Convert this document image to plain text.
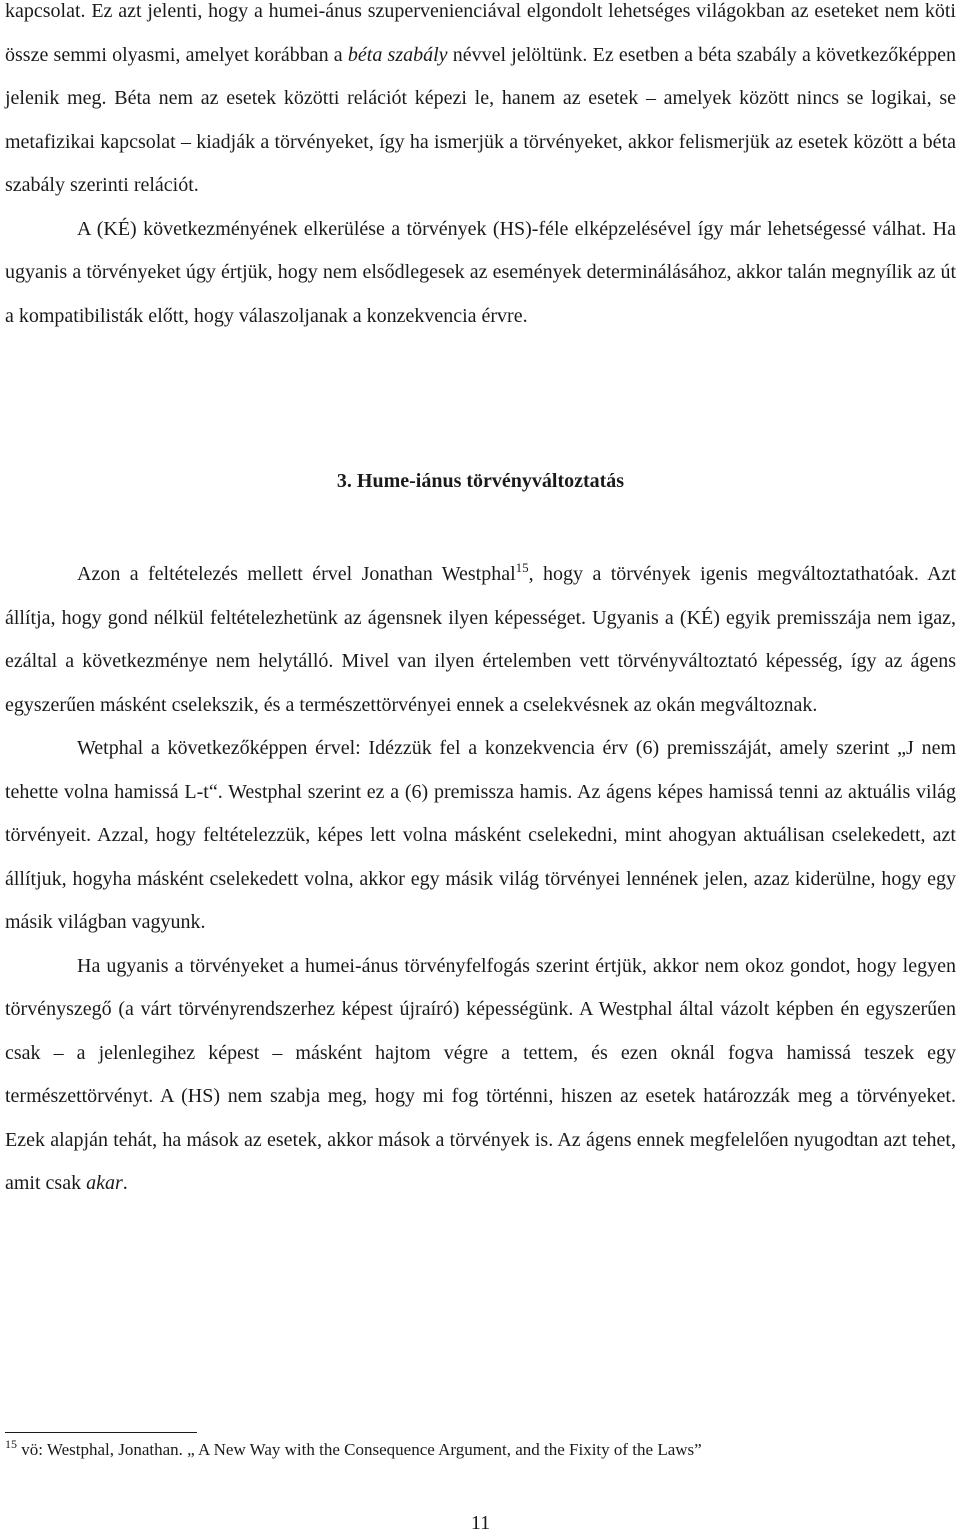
kapcsolat. Ez azt jelenti, hogy a humei-ánus szupervenienciával elgondolt lehetséges világokban az eseteket nem köti össze semmi olyasmi, amelyet korábban a béta szabály névvel jelöltünk. Ez esetben a béta szabály a következőképpen jelenik meg. Béta nem az esetek közötti relációt képezi le, hanem az esetek – amelyek között nincs se logikai, se metafizikai kapcsolat – kiadják a törvényeket, így ha ismerjük a törvényeket, akkor felismerjük az esetek között a béta szabály szerinti relációt.

A (KÉ) következményének elkerülése a törvények (HS)-féle elképzelésével így már lehetségessé válhat. Ha ugyanis a törvényeket úgy értjük, hogy nem elsődlegesek az események determinálásához, akkor talán megnyílik az út a kompatibilisták előtt, hogy válaszoljanak a konzekvencia érvre.

3. Hume-iánus törvényváltoztatás

Azon a feltételezés mellett érvel Jonathan Westphal$^{15}$, hogy a törvények igenis megváltoztathatóak. Azt állítja, hogy gond nélkül feltételezhetünk az ágensnek ilyen képességet. Ugyanis a (KÉ) egyik premisszája nem igaz, ezáltal a következménye nem helytálló. Mivel van ilyen értelemben vett törvényváltoztató képesség, így az ágens egyszerűen másként cselekszik, és a természettörvényei ennek a cselekvésnek az okán megváltoznak.

Wetphal a következőképpen érvel: Idézzük fel a konzekvencia érv (6) premisszáját, amely szerint „J nem tehette volna hamissá L-t“. Westphal szerint ez a (6) premissza hamis. Az ágens képes hamissá tenni az aktuális világ törvényeit. Azzal, hogy feltételezzük, képes lett volna másként cselekedni, mint ahogyan aktuálisan cselekedett, azt állítjuk, hogyha másként cselekedett volna, akkor egy másik világ törvényei lennének jelen, azaz kiderülne, hogy egy másik világban vagyunk.

Ha ugyanis a törvényeket a humei-ánus törvényfelfogás szerint értjük, akkor nem okoz gondot, hogy legyen törvényszegő (a várt törvényrendszerhez képest újraíró) képességünk. A Westphal által vázolt képben én egyszerűen csak – a jelenlegihez képest – másként hajtom végre a tettem, és ezen oknál fogva hamissá teszek egy természettörvényt. A (HS) nem szabja meg, hogy mi fog történni, hiszen az esetek határozzák meg a törvényeket. Ezek alapján tehát, ha mások az esetek, akkor mások a törvények is. Az ágens ennek megfelelően nyugodtan azt tehet, amit csak akar.

$^{15}$ vö: Westphal, Jonathan. „ A New Way with the Consequence Argument, and the Fixity of the Laws”

11
